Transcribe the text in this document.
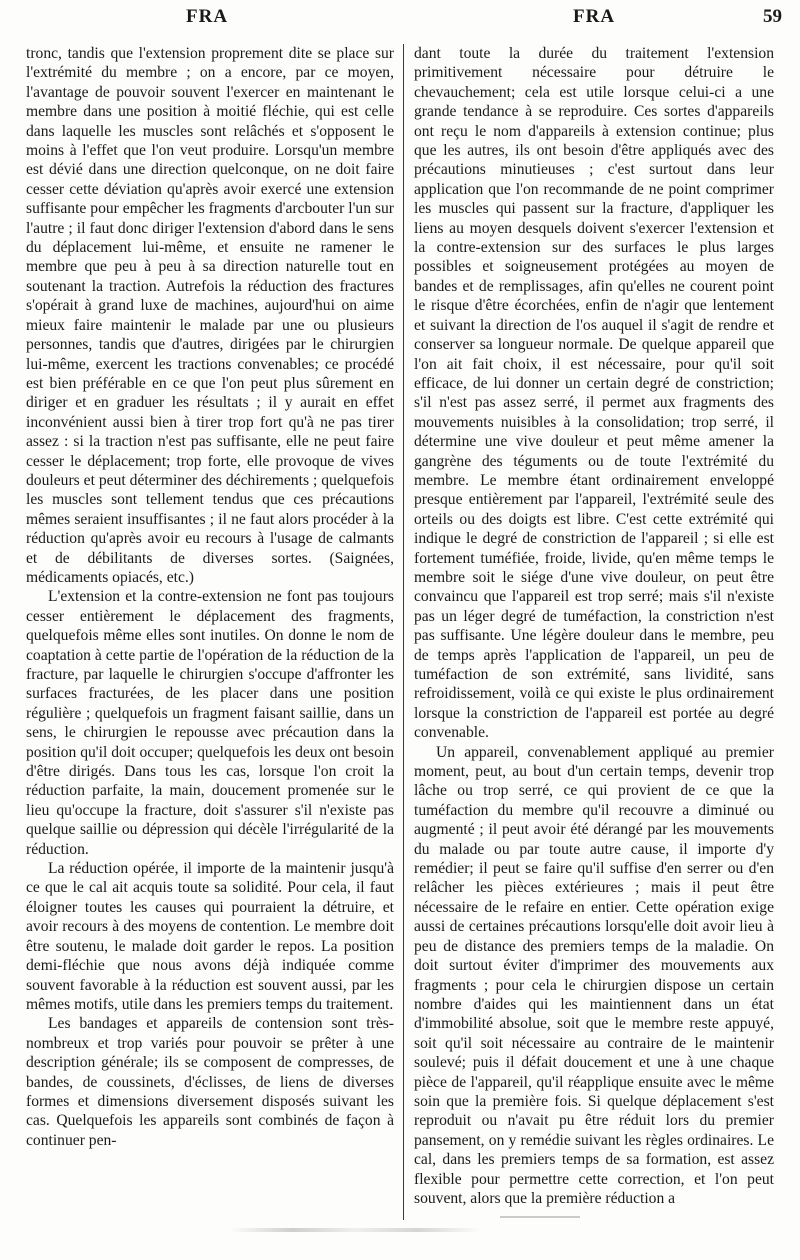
FRA	FRA	59

tronc, tandis que l'extension proprement dite se place sur l'extrémité du membre ; on a encore, par ce moyen, l'avantage de pouvoir souvent l'exercer en maintenant le membre dans une position à moitié fléchie, qui est celle dans laquelle les muscles sont relâchés et s'opposent le moins à l'effet que l'on veut produire. Lorsqu'un membre est dévié dans une direction quelconque, on ne doit faire cesser cette déviation qu'après avoir exercé une extension suffisante pour empêcher les fragments d'arcbouter l'un sur l'autre ; il faut donc diriger l'extension d'abord dans le sens du déplacement lui-même, et ensuite ne ramener le membre que peu à peu à sa direction naturelle tout en soutenant la traction. Autrefois la réduction des fractures s'opérait à grand luxe de machines, aujourd'hui on aime mieux faire maintenir le malade par une ou plusieurs personnes, tandis que d'autres, dirigées par le chirurgien lui-même, exercent les tractions convenables; ce procédé est bien préférable en ce que l'on peut plus sûrement en diriger et en graduer les résultats ; il y aurait en effet inconvénient aussi bien à tirer trop fort qu'à ne pas tirer assez : si la traction n'est pas suffisante, elle ne peut faire cesser le déplacement; trop forte, elle provoque de vives douleurs et peut déterminer des déchirements ; quelquefois les muscles sont tellement tendus que ces précautions mêmes seraient insuffisantes ; il ne faut alors procéder à la réduction qu'après avoir eu recours à l'usage de calmants et de débilitants de diverses sortes. (Saignées, médicaments opiacés, etc.)

L'extension et la contre-extension ne font pas toujours cesser entièrement le déplacement des fragments, quelquefois même elles sont inutiles. On donne le nom de coaptation à cette partie de l'opération de la réduction de la fracture, par laquelle le chirurgien s'occupe d'affronter les surfaces fracturées, de les placer dans une position régulière ; quelquefois un fragment faisant saillie, dans un sens, le chirurgien le repousse avec précaution dans la position qu'il doit occuper; quelquefois les deux ont besoin d'être dirigés. Dans tous les cas, lorsque l'on croit la réduction parfaite, la main, doucement promenée sur le lieu qu'occupe la fracture, doit s'assurer s'il n'existe pas quelque saillie ou dépression qui décèle l'irrégularité de la réduction.

La réduction opérée, il importe de la maintenir jusqu'à ce que le cal ait acquis toute sa solidité. Pour cela, il faut éloigner toutes les causes qui pourraient la détruire, et avoir recours à des moyens de contention. Le membre doit être soutenu, le malade doit garder le repos. La position demi-fléchie que nous avons déjà indiquée comme souvent favorable à la réduction est souvent aussi, par les mêmes motifs, utile dans les premiers temps du traitement.

Les bandages et appareils de contension sont très-nombreux et trop variés pour pouvoir se prêter à une description générale; ils se composent de compresses, de bandes, de coussinets, d'éclisses, de liens de diverses formes et dimensions diversement disposés suivant les cas. Quelquefois les appareils sont combinés de façon à continuer pen-

dant toute la durée du traitement l'extension primitivement nécessaire pour détruire le chevauchement; cela est utile lorsque celui-ci a une grande tendance à se reproduire. Ces sortes d'appareils ont reçu le nom d'appareils à extension continue; plus que les autres, ils ont besoin d'être appliqués avec des précautions minutieuses ; c'est surtout dans leur application que l'on recommande de ne point comprimer les muscles qui passent sur la fracture, d'appliquer les liens au moyen desquels doivent s'exercer l'extension et la contre-extension sur des surfaces le plus larges possibles et soigneusement protégées au moyen de bandes et de remplissages, afin qu'elles ne courent point le risque d'être écorchées, enfin de n'agir que lentement et suivant la direction de l'os auquel il s'agit de rendre et conserver sa longueur normale. De quelque appareil que l'on ait fait choix, il est nécessaire, pour qu'il soit efficace, de lui donner un certain degré de constriction; s'il n'est pas assez serré, il permet aux fragments des mouvements nuisibles à la consolidation; trop serré, il détermine une vive douleur et peut même amener la gangrène des téguments ou de toute l'extrémité du membre. Le membre étant ordinairement enveloppé presque entièrement par l'appareil, l'extrémité seule des orteils ou des doigts est libre. C'est cette extrémité qui indique le degré de constriction de l'appareil ; si elle est fortement tuméfiée, froide, livide, qu'en même temps le membre soit le siége d'une vive douleur, on peut être convaincu que l'appareil est trop serré; mais s'il n'existe pas un léger degré de tuméfaction, la constriction n'est pas suffisante. Une légère douleur dans le membre, peu de temps après l'application de l'appareil, un peu de tuméfaction de son extrémité, sans lividité, sans refroidissement, voilà ce qui existe le plus ordinairement lorsque la constriction de l'appareil est portée au degré convenable.

Un appareil, convenablement appliqué au premier moment, peut, au bout d'un certain temps, devenir trop lâche ou trop serré, ce qui provient de ce que la tuméfaction du membre qu'il recouvre a diminué ou augmenté ; il peut avoir été dérangé par les mouvements du malade ou par toute autre cause, il importe d'y remédier; il peut se faire qu'il suffise d'en serrer ou d'en relâcher les pièces extérieures ; mais il peut être nécessaire de le refaire en entier. Cette opération exige aussi de certaines précautions lorsqu'elle doit avoir lieu à peu de distance des premiers temps de la maladie. On doit surtout éviter d'imprimer des mouvements aux fragments ; pour cela le chirurgien dispose un certain nombre d'aides qui les maintiennent dans un état d'immobilité absolue, soit que le membre reste appuyé, soit qu'il soit nécessaire au contraire de le maintenir soulevé; puis il défait doucement et une à une chaque pièce de l'appareil, qu'il réapplique ensuite avec le même soin que la première fois. Si quelque déplacement s'est reproduit ou n'avait pu être réduit lors du premier pansement, on y remédie suivant les règles ordinaires. Le cal, dans les premiers temps de sa formation, est assez flexible pour permettre cette correction, et l'on peut souvent, alors que la première réduction a
